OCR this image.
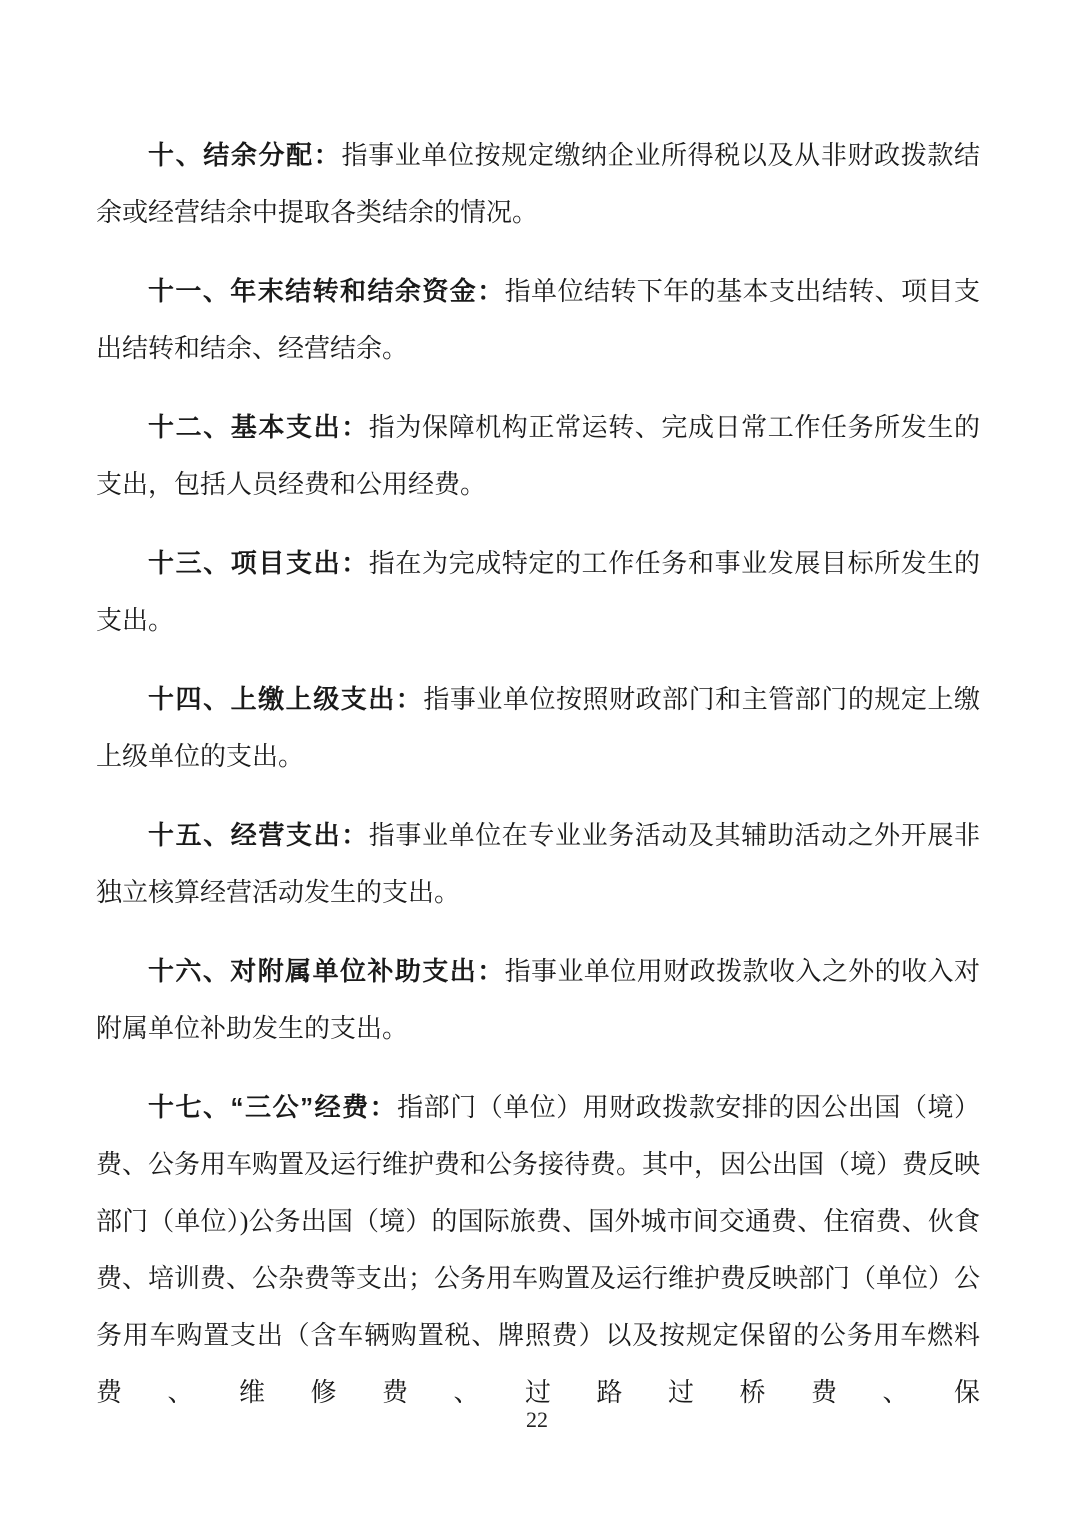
十、结余分配：指事业单位按规定缴纳企业所得税以及从非财政拨款结余或经营结余中提取各类结余的情况。

十一、年末结转和结余资金：指单位结转下年的基本支出结转、项目支出结转和结余、经营结余。

十二、基本支出：指为保障机构正常运转、完成日常工作任务所发生的支出，包括人员经费和公用经费。

十三、项目支出：指在为完成特定的工作任务和事业发展目标所发生的支出。

十四、上缴上级支出：指事业单位按照财政部门和主管部门的规定上缴上级单位的支出。

十五、经营支出：指事业单位在专业业务活动及其辅助活动之外开展非独立核算经营活动发生的支出。

十六、对附属单位补助支出：指事业单位用财政拨款收入之外的收入对附属单位补助发生的支出。

十七、“三公”经费：指部门（单位）用财政拨款安排的因公出国（境）费、公务用车购置及运行维护费和公务接待费。其中，因公出国（境）费反映部门（单位）)公务出国（境）的国际旅费、国外城市间交通费、住宿费、伙食费、培训费、公杂费等支出；公务用车购置及运行维护费反映部门（单位）公务用车购置支出（含车辆购置税、牌照费）以及按规定保留的公务用车燃料费、维修费、过路过桥费、保

22
